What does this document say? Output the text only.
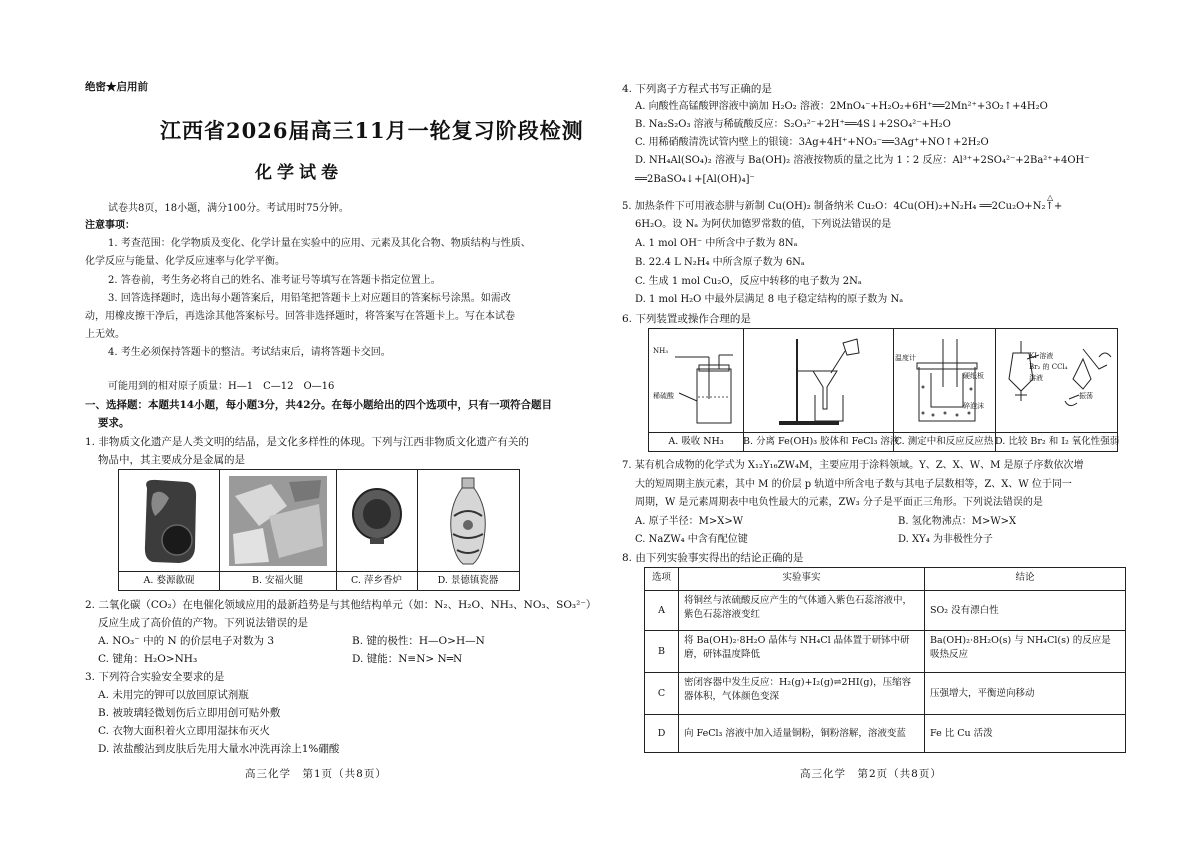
绝密★启用前
江西省2026届高三11月一轮复习阶段检测
化学试卷
试卷共8页，18小题，满分100分。考试用时75分钟。
注意事项：
1. 考查范围：化学物质及变化、化学计量在实验中的应用、元素及其化合物、物质结构与性质、
化学反应与能量、化学反应速率与化学平衡。
2. 答卷前，考生务必将自己的姓名、准考证号等填写在答题卡指定位置上。
3. 回答选择题时，选出每小题答案后，用铅笔把答题卡上对应题目的答案标号涂黑。如需改
动，用橡皮擦干净后，再选涂其他答案标号。回答非选择题时，将答案写在答题卡上。写在本试卷
上无效。
4. 考生必须保持答题卡的整洁。考试结束后，请将答题卡交回。
可能用到的相对原子质量：H—1　C—12　O—16
一、选择题：本题共14小题，每小题3分，共42分。在每小题给出的四个选项中，只有一项符合题目
要求。
1. 非物质文化遗产是人类文明的结晶，是文化多样性的体现。下列与江西非物质文化遗产有关的
物品中，其主要成分是金属的是
A. 婺源歙砚	B. 安福火腿	C. 萍乡香炉	D. 景德镇瓷器
2. 二氧化碳（CO₂）在电催化领域应用的最新趋势是与其他结构单元（如：N₂、H₂O、NH₃、NO₃、SO₃²⁻）
反应生成了高价值的产物。下列说法错误的是
A. NO₃⁻ 中的 N 的价层电子对数为 3	B. 键的极性：H—O>H—N
C. 键角：H₂O>NH₃	D. 键能：N≡N> N═N
3. 下列符合实验安全要求的是
A. 未用完的钾可以放回原试剂瓶
B. 被玻璃轻微划伤后立即用创可贴外敷
C. 衣物大面积着火立即用湿抹布灭火
D. 浓盐酸沾到皮肤后先用大量水冲洗再涂上1%硼酸
高三化学　第1页（共8页）
4. 下列离子方程式书写正确的是
A. 向酸性高锰酸钾溶液中滴加 H₂O₂ 溶液：2MnO₄⁻+H₂O₂+6H⁺══2Mn²⁺+3O₂↑+4H₂O
B. Na₂S₂O₃ 溶液与稀硫酸反应：S₂O₃²⁻+2H⁺══4S↓+2SO₄²⁻+H₂O
C. 用稀硝酸清洗试管内壁上的银镜：3Ag+4H⁺+NO₃⁻══3Ag⁺+NO↑+2H₂O
D. NH₄Al(SO₄)₂ 溶液与 Ba(OH)₂ 溶液按物质的量之比为 1∶2 反应：Al³⁺+2SO₄²⁻+2Ba²⁺+4OH⁻
══2BaSO₄↓+[Al(OH)₄]⁻
5. 加热条件下可用液态肼与新制 Cu(OH)₂ 制备纳米 Cu₂O：4Cu(OH)₂+N₂H₄ ══2Cu₂O+N₂↑+
△
6H₂O。设 Nₐ 为阿伏加德罗常数的值，下列说法错误的是
A. 1 mol OH⁻ 中所含中子数为 8Nₐ
B. 22.4 L N₂H₄ 中所含原子数为 6Nₐ
C. 生成 1 mol Cu₂O，反应中转移的电子数为 2Nₐ
D. 1 mol H₂O 中最外层满足 8 电子稳定结构的原子数为 Nₐ
6. 下列装置或操作合理的是
NH₃
稀硫酸
A. 吸收 NH₃	B. 分离 Fe(OH)₃ 胶体和 FeCl₃ 溶液
温度计
硬纸板
碎泡沫
C. 测定中和反应反应热
KI 溶液
Br₂ 的 CCl₄
溶液
振荡
D. 比较 Br₂ 和 I₂ 氧化性强弱
7. 某有机合成物的化学式为 X₁₂Y₁₆ZW₄M，主要应用于涂料领域。Y、Z、X、W、M 是原子序数依次增
大的短周期主族元素，其中 M 的价层 p 轨道中所含电子数与其电子层数相等，Z、X、W 位于同一
周期，W 是元素周期表中电负性最大的元素，ZW₃ 分子是平面正三角形。下列说法错误的是
A. 原子半径：M>X>W	B. 氢化物沸点：M>W>X
C. NaZW₄ 中含有配位键	D. XY₄ 为非极性分子
8. 由下列实验事实得出的结论正确的是
选项	实验事实	结论
A
将铜丝与浓硫酸反应产生的气体通入紫色石蕊溶液中，紫色石蕊溶液变红	SO₂ 没有漂白性
B
将 Ba(OH)₂·8H₂O 晶体与 NH₄Cl 晶体置于研钵中研磨，研钵温度降低
Ba(OH)₂·8H₂O(s) 与 NH₄Cl(s) 的反应是吸热反应
C
密闭容器中发生反应：H₂(g)+I₂(g)⇌2HI(g)，压缩容器体积，气体颜色变深	压强增大，平衡逆向移动
D	向 FeCl₃ 溶液中加入适量铜粉，铜粉溶解，溶液变蓝	Fe 比 Cu 活泼
高三化学　第2页（共8页）
